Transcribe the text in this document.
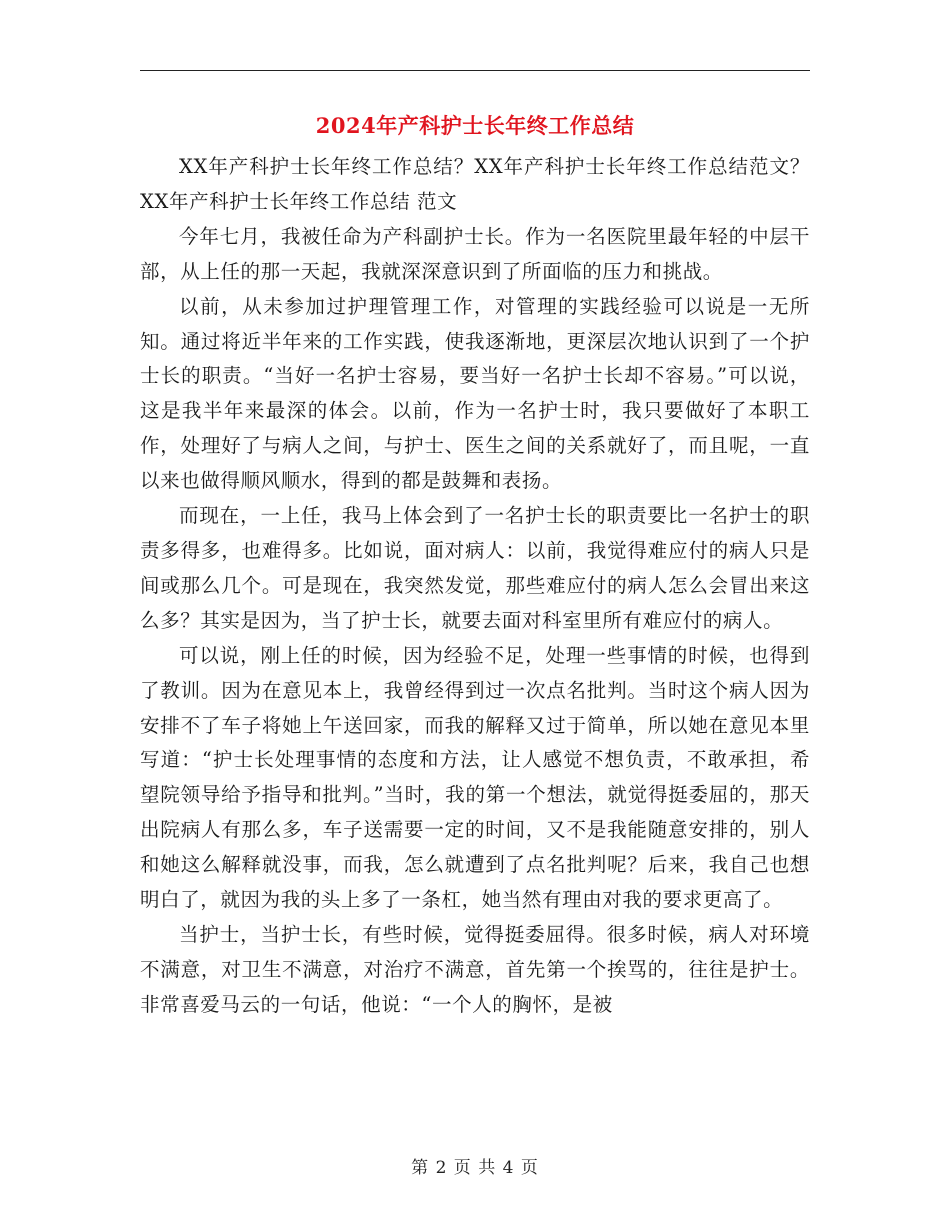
2024年产科护士长年终工作总结

XX年产科护士长年终工作总结？XX年产科护士长年终工作总结范文？XX年产科护士长年终工作总结 范文

今年七月，我被任命为产科副护士长。作为一名医院里最年轻的中层干部，从上任的那一天起，我就深深意识到了所面临的压力和挑战。

以前，从未参加过护理管理工作，对管理的实践经验可以说是一无所知。通过将近半年来的工作实践，使我逐渐地，更深层次地认识到了一个护士长的职责。“当好一名护士容易，要当好一名护士长却不容易。”可以说，这是我半年来最深的体会。以前，作为一名护士时，我只要做好了本职工作，处理好了与病人之间，与护士、医生之间的关系就好了，而且呢，一直以来也做得顺风顺水，得到的都是鼓舞和表扬。

而现在，一上任，我马上体会到了一名护士长的职责要比一名护士的职责多得多，也难得多。比如说，面对病人：以前，我觉得难应付的病人只是间或那么几个。可是现在，我突然发觉，那些难应付的病人怎么会冒出来这么多？其实是因为，当了护士长，就要去面对科室里所有难应付的病人。

可以说，刚上任的时候，因为经验不足，处理一些事情的时候，也得到了教训。因为在意见本上，我曾经得到过一次点名批判。当时这个病人因为安排不了车子将她上午送回家，而我的解释又过于简单，所以她在意见本里写道：“护士长处理事情的态度和方法，让人感觉不想负责，不敢承担，希望院领导给予指导和批判。”当时，我的第一个想法，就觉得挺委屈的，那天出院病人有那么多，车子送需要一定的时间，又不是我能随意安排的，别人和她这么解释就没事，而我，怎么就遭到了点名批判呢？后来，我自己也想明白了，就因为我的头上多了一条杠，她当然有理由对我的要求更高了。

当护士，当护士长，有些时候，觉得挺委屈得。很多时候，病人对环境不满意，对卫生不满意，对治疗不满意，首先第一个挨骂的，往往是护士。非常喜爱马云的一句话，他说：“一个人的胸怀，是被

第 2 页 共 4 页
